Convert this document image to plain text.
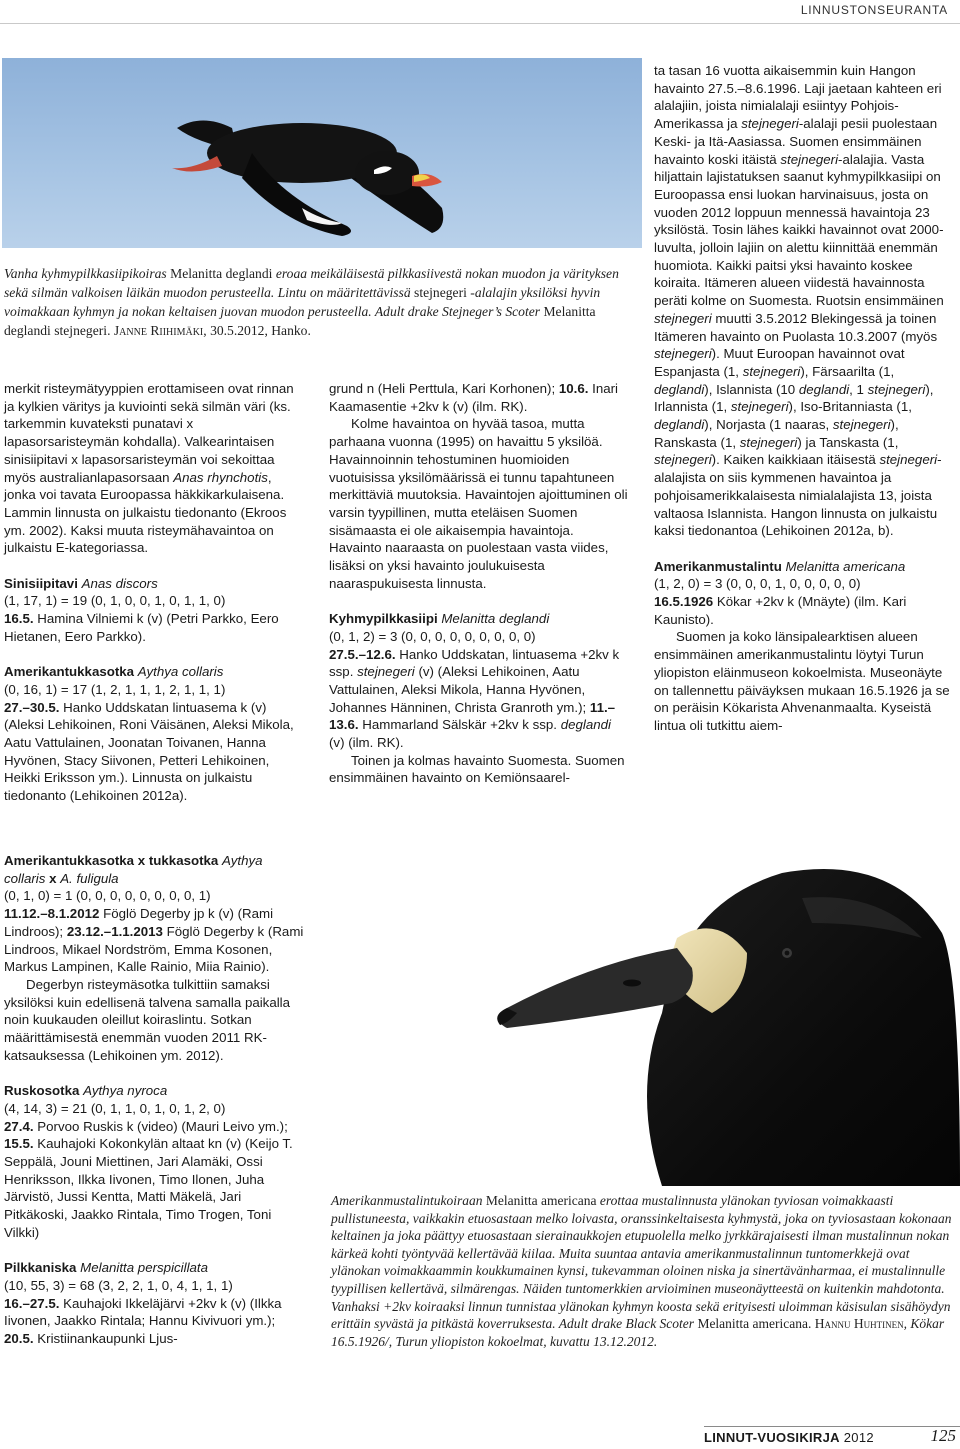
LINNUSTONSEURANTA
Vanha kyhmypilkkasiipikoiras Melanitta deglandi eroaa meikäläisestä pilkkasiivestä nokan muodon ja värityksen sekä silmän valkoisen läikän muodon perusteella. Lintu on määritettävissä stejnegeri -alalajin yksilöksi hyvin voimakkaan kyhmyn ja nokan keltaisen juovan muodon perusteella. Adult drake Stejneger’s Scoter Melanitta deglandi stejnegeri. Janne Riihimäki, 30.5.2012, Hanko.

merkit risteymätyyppien erottamiseen ovat rinnan ja kylkien väritys ja kuviointi sekä silmän väri (ks. tarkemmin kuvateksti punatavi x lapasorsaristeymän kohdalla). Valkearintaisen sinisiipitavi x lapasorsaristeymän voi sekoittaa myös australianlapasorsaan Anas rhynchotis, jonka voi tavata Euroopassa häkkikarkulaisena. Lammin linnusta on julkaistu tiedonanto (Ekroos ym. 2002). Kaksi muuta risteymähavaintoa on julkaistu E-kategoriassa.

Sinisiipitavi Anas discors

(1, 17, 1) = 19 (0, 1, 0, 0, 1, 0, 1, 1, 0)

16.5. Hamina Vilniemi k (v) (Petri Parkko, Eero Hietanen, Eero Parkko).

Amerikantukkasotka Aythya collaris

(0, 16, 1) = 17 (1, 2, 1, 1, 1, 2, 1, 1, 1)

27.–30.5. Hanko Uddskatan lintuasema k (v) (Aleksi Lehikoinen, Roni Väisänen, Aleksi Mikola, Aatu Vattulainen, Joonatan Toivanen, Hanna Hyvönen, Stacy Siivonen, Petteri Lehikoinen, Heikki Eriksson ym.). Linnusta on julkaistu tiedonanto (Lehikoinen 2012a).

Amerikantukkasotka x tukkasotka Aythya collaris x A. fuligula

(0, 1, 0) = 1 (0, 0, 0, 0, 0, 0, 0, 0, 1)

11.12.–8.1.2012 Föglö Degerby jp k (v) (Rami Lindroos); 23.12.–1.1.2013 Föglö Degerby k (Rami Lindroos, Mikael Nordström, Emma Kosonen, Markus Lampinen, Kalle Rainio, Miia Rainio).

Degerbyn risteymäsotka tulkittiin samaksi yksilöksi kuin edellisenä talvena samalla paikalla noin kuukauden oleillut koiraslintu. Sotkan määrittämisestä enemmän vuoden 2011 RK-katsauksessa (Lehikoinen ym. 2012).

Ruskosotka Aythya nyroca

(4, 14, 3) = 21 (0, 1, 1, 0, 1, 0, 1, 2, 0)

27.4. Porvoo Ruskis k (video) (Mauri Leivo ym.); 15.5. Kauhajoki Kokonkylän altaat kn (v) (Keijo T. Seppälä, Jouni Miettinen, Jari Alamäki, Ossi Henriksson, Ilkka Iivonen, Timo Ilonen, Juha Järvistö, Jussi Kentta, Matti Mäkelä, Jari Pitkäkoski, Jaakko Rintala, Timo Trogen, Toni Vilkki)

Pilkkaniska Melanitta perspicillata

(10, 55, 3) = 68 (3, 2, 2, 1, 0, 4, 1, 1, 1)

16.–27.5. Kauhajoki Ikkeläjärvi +2kv k (v) (Ilkka Iivonen, Jaakko Rintala; Hannu Kivivuori ym.); 20.5. Kristiinankaupunki Ljus-

grund n (Heli Perttula, Kari Korhonen); 10.6. Inari Kaamasentie +2kv k (v) (ilm. RK).

Kolme havaintoa on hyvää tasoa, mutta parhaana vuonna (1995) on havaittu 5 yksilöä. Havainnoinnin tehostuminen huomioiden vuotuisissa yksilömäärissä ei tunnu tapahtuneen merkittäviä muutoksia. Havaintojen ajoittuminen oli varsin tyypillinen, mutta eteläisen Suomen sisämaasta ei ole aikaisempia havaintoja. Havainto naaraasta on puolestaan vasta viides, lisäksi on yksi havainto joulukuisesta naaraspukuisesta linnusta.

Kyhmypilkkasiipi Melanitta deglandi

(0, 1, 2) = 3 (0, 0, 0, 0, 0, 0, 0, 0, 0)

27.5.–12.6. Hanko Uddskatan, lintuasema +2kv k ssp. stejnegeri (v) (Aleksi Lehikoinen, Aatu Vattulainen, Aleksi Mikola, Hanna Hyvönen, Johannes Hänninen, Christa Granroth ym.); 11.–13.6. Hammarland Sälskär +2kv k ssp. deglandi (v) (ilm. RK).

Toinen ja kolmas havainto Suomesta. Suomen ensimmäinen havainto on Kemiönsaarel-

ta tasan 16 vuotta aikaisemmin kuin Hangon havainto 27.5.–8.6.1996. Laji jaetaan kahteen eri alalajiin, joista nimialalaji esiintyy Pohjois-Amerikassa ja stejnegeri-alalaji pesii puolestaan Keski- ja Itä-Aasiassa. Suomen ensimmäinen havainto koski itäistä stejnegeri-alalajia. Vasta hiljattain lajistatuksen saanut kyhmypilkkasiipi on Euroopassa ensi luokan harvinaisuus, josta on vuoden 2012 loppuun mennessä havaintoja 23 yksilöstä. Tosin lähes kaikki havainnot ovat 2000-luvulta, jolloin lajiin on alettu kiinnittää enemmän huomiota. Kaikki paitsi yksi havainto koskee koiraita. Itämeren alueen viidestä havainnosta peräti kolme on Suomesta. Ruotsin ensimmäinen stejnegeri muutti 3.5.2012 Blekingessä ja toinen Itämeren havainto on Puolasta 10.3.2007 (myös stejnegeri). Muut Euroopan havainnot ovat Espanjasta (1, stejnegeri), Färsaarilta (1, deglandi), Islannista (10 deglandi, 1 stejnegeri), Irlannista (1, stejnegeri), Iso-Britanniasta (1, deglandi), Norjasta (1 naaras, stejnegeri), Ranskasta (1, stejnegeri) ja Tanskasta (1, stejnegeri). Kaiken kaikkiaan itäisestä stejnegeri-alalajista on siis kymmenen havaintoa ja pohjoisamerikkalaisesta nimialalajista 13, joista valtaosa Islannista. Hangon linnusta on julkaistu kaksi tiedonantoa (Lehikoinen 2012a, b).

Amerikanmustalintu Melanitta americana

(1, 2, 0) = 3 (0, 0, 0, 1, 0, 0, 0, 0, 0)

16.5.1926 Kökar +2kv k (Mnäyte) (ilm. Kari Kaunisto).

Suomen ja koko länsipalearktisen alueen ensimmäinen amerikanmustalintu löytyi Turun yliopiston eläinmuseon kokoelmista. Museonäyte on tallennettu päiväyksen mukaan 16.5.1926 ja se on peräisin Kökarista Ahvenanmaalta. Kyseistä lintua oli tutkittu aiem-

Amerikanmustalintukoiraan Melanitta americana erottaa mustalinnusta ylänokan tyviosan voimakkaasti pullistuneesta, vaikkakin etuosastaan melko loivasta, oranssinkeltaisesta kyhmystä, joka on tyviosastaan kokonaan keltainen ja joka päättyy etuosastaan sierainaukkojen etupuolella melko jyrkkärajaisesti ilman mustalinnun nokan kärkeä kohti työntyvää kellertävää kiilaa. Muita suuntaa antavia amerikanmustalinnun tuntomerkkejä ovat ylänokan voimakkaammin koukkumainen kynsi, tukevamman oloinen niska ja sinertävänharmaa, ei mustalinnulle tyypillisen kellertävä, silmärengas. Näiden tuntomerkkien arvioiminen museonäytteestä on kuitenkin mahdotonta. Vanhaksi +2kv koiraaksi linnun tunnistaa ylänokan kyhmyn koosta sekä erityisesti uloimman käsisulan sisähöydyn erittäin syvästä ja pitkästä koverruksesta. Adult drake Black Scoter Melanitta americana. Hannu Huhtinen, Kökar 16.5.1926/, Turun yliopiston kokoelmat, kuvattu 13.12.2012.
LINNUT-VUOSIKIRJA 2012	125
